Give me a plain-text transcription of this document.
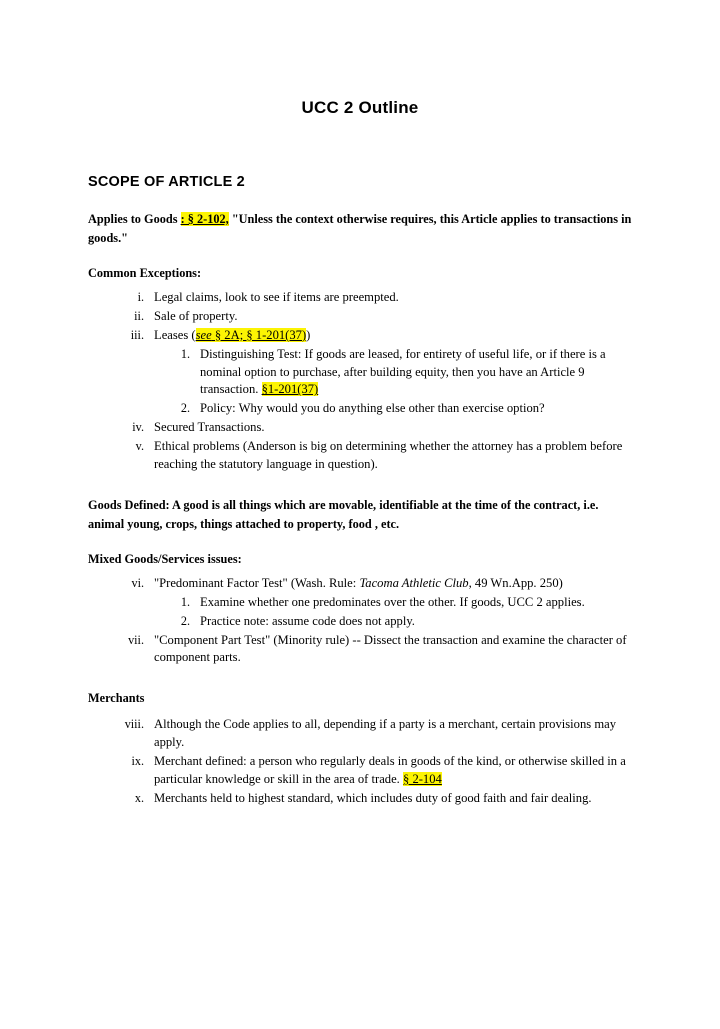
UCC 2 Outline
SCOPE OF ARTICLE 2
Applies to Goods : § 2-102, "Unless the context otherwise requires, this Article applies to transactions in goods."
Common Exceptions:
i. Legal claims, look to see if items are preempted.
ii. Sale of property.
iii. Leases (see § 2A; § 1-201(37))
1. Distinguishing Test: If goods are leased, for entirety of useful life, or if there is a nominal option to purchase, after building equity, then you have an Article 9 transaction. §1-201(37)
2. Policy: Why would you do anything else other than exercise option?
iv. Secured Transactions.
v. Ethical problems (Anderson is big on determining whether the attorney has a problem before reaching the statutory language in question).
Goods Defined: A good is all things which are movable, identifiable at the time of the contract, i.e. animal young, crops, things attached to property, food , etc.
Mixed Goods/Services issues:
vi. "Predominant Factor Test" (Wash. Rule: Tacoma Athletic Club, 49 Wn.App. 250)
1. Examine whether one predominates over the other. If goods, UCC 2 applies.
2. Practice note: assume code does not apply.
vii. "Component Part Test" (Minority rule) -- Dissect the transaction and examine the character of component parts.
Merchants
viii. Although the Code applies to all, depending if a party is a merchant, certain provisions may apply.
ix. Merchant defined: a person who regularly deals in goods of the kind, or otherwise skilled in a particular knowledge or skill in the area of trade. § 2-104
x. Merchants held to highest standard, which includes duty of good faith and fair dealing.
